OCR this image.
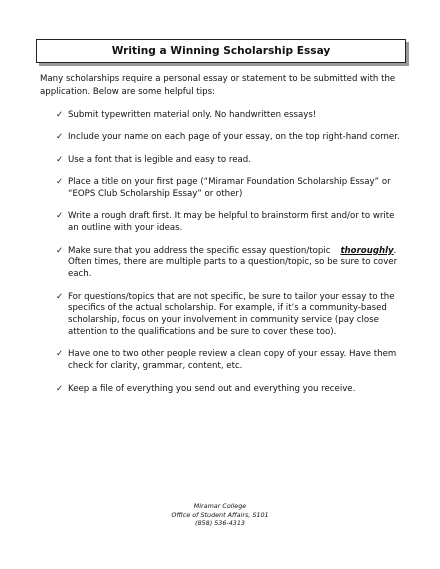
Writing a Winning Scholarship Essay
Many scholarships require a personal essay or statement to be submitted with the application. Below are some helpful tips:
✓ Submit typewritten material only. No handwritten essays!
✓ Include your name on each page of your essay, on the top right-hand corner.
✓ Use a font that is legible and easy to read.
✓ Place a title on your first page (“Miramar Foundation Scholarship Essay” or “EOPS Club Scholarship Essay” or other)
✓ Write a rough draft first. It may be helpful to brainstorm first and/or to write an outline with your ideas.
✓ Make sure that you address the specific essay question/topic thoroughly. Often times, there are multiple parts to a question/topic, so be sure to cover each.
✓ For questions/topics that are not specific, be sure to tailor your essay to the specifics of the actual scholarship. For example, if it’s a community-based scholarship, focus on your involvement in community service (pay close attention to the qualifications and be sure to cover these too).
✓ Have one to two other people review a clean copy of your essay. Have them check for clarity, grammar, content, etc.
✓ Keep a file of everything you send out and everything you receive.
Miramar College
Office of Student Affairs, S101
(858) 536-4313
